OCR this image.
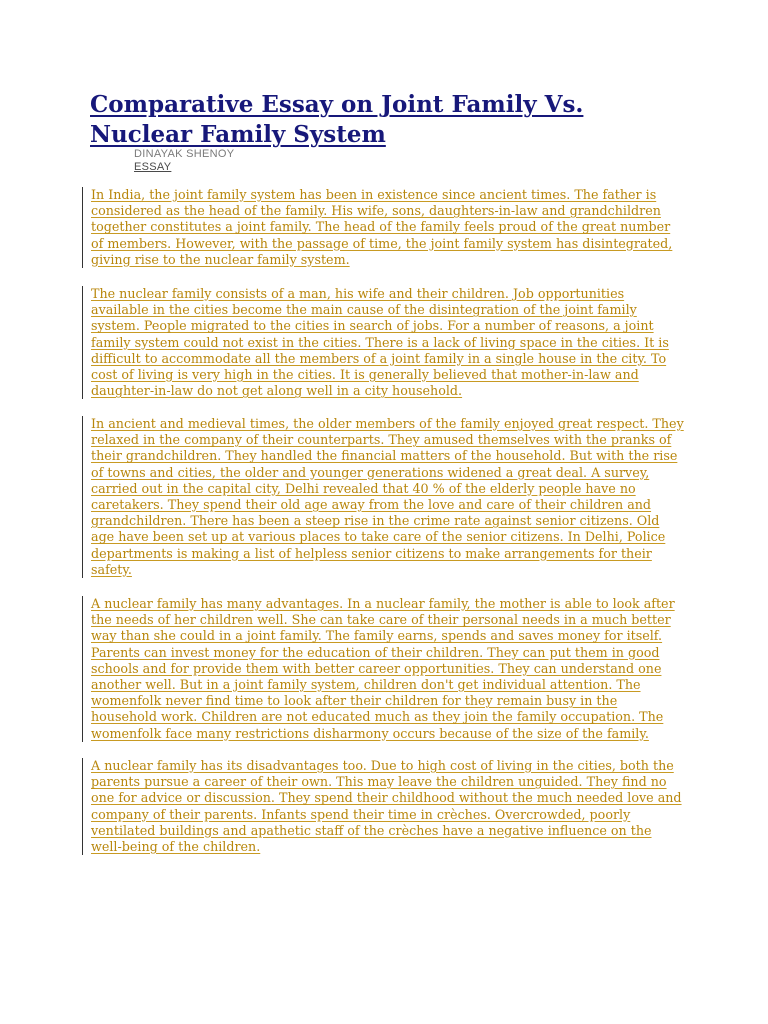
Comparative Essay on Joint Family Vs. Nuclear Family System
DINAYAK SHENOY
ESSAY

In India, the joint family system has been in existence since ancient times. The father is considered as the head of the family. His wife, sons, daughters-in-law and grandchildren together constitutes a joint family. The head of the family feels proud of the great number of members. However, with the passage of time, the joint family system has disintegrated, giving rise to the nuclear family system.

The nuclear family consists of a man, his wife and their children. Job opportunities available in the cities become the main cause of the disintegration of the joint family system. People migrated to the cities in search of jobs. For a number of reasons, a joint family system could not exist in the cities. There is a lack of living space in the cities. It is difficult to accommodate all the members of a joint family in a single house in the city. To cost of living is very high in the cities. It is generally believed that mother-in-law and daughter-in-law do not get along well in a city household.

In ancient and medieval times, the older members of the family enjoyed great respect. They relaxed in the company of their counterparts. They amused themselves with the pranks of their grandchildren. They handled the financial matters of the household. But with the rise of towns and cities, the older and younger generations widened a great deal. A survey, carried out in the capital city, Delhi revealed that 40 % of the elderly people have no caretakers. They spend their old age away from the love and care of their children and grandchildren. There has been a steep rise in the crime rate against senior citizens. Old age have been set up at various places to take care of the senior citizens. In Delhi, Police departments is making a list of helpless senior citizens to make arrangements for their safety.

A nuclear family has many advantages. In a nuclear family, the mother is able to look after the needs of her children well. She can take care of their personal needs in a much better way than she could in a joint family. The family earns, spends and saves money for itself. Parents can invest money for the education of their children. They can put them in good schools and for provide them with better career opportunities. They can understand one another well. But in a joint family system, children don't get individual attention. The womenfolk never find time to look after their children for they remain busy in the household work. Children are not educated much as they join the family occupation. The womenfolk face many restrictions disharmony occurs because of the size of the family.

A nuclear family has its disadvantages too. Due to high cost of living in the cities, both the parents pursue a career of their own. This may leave the children unguided. They find no one for advice or discussion. They spend their childhood without the much needed love and company of their parents. Infants spend their time in crèches. Overcrowded, poorly ventilated buildings and apathetic staff of the crèches have a negative influence on the well-being of the children.
